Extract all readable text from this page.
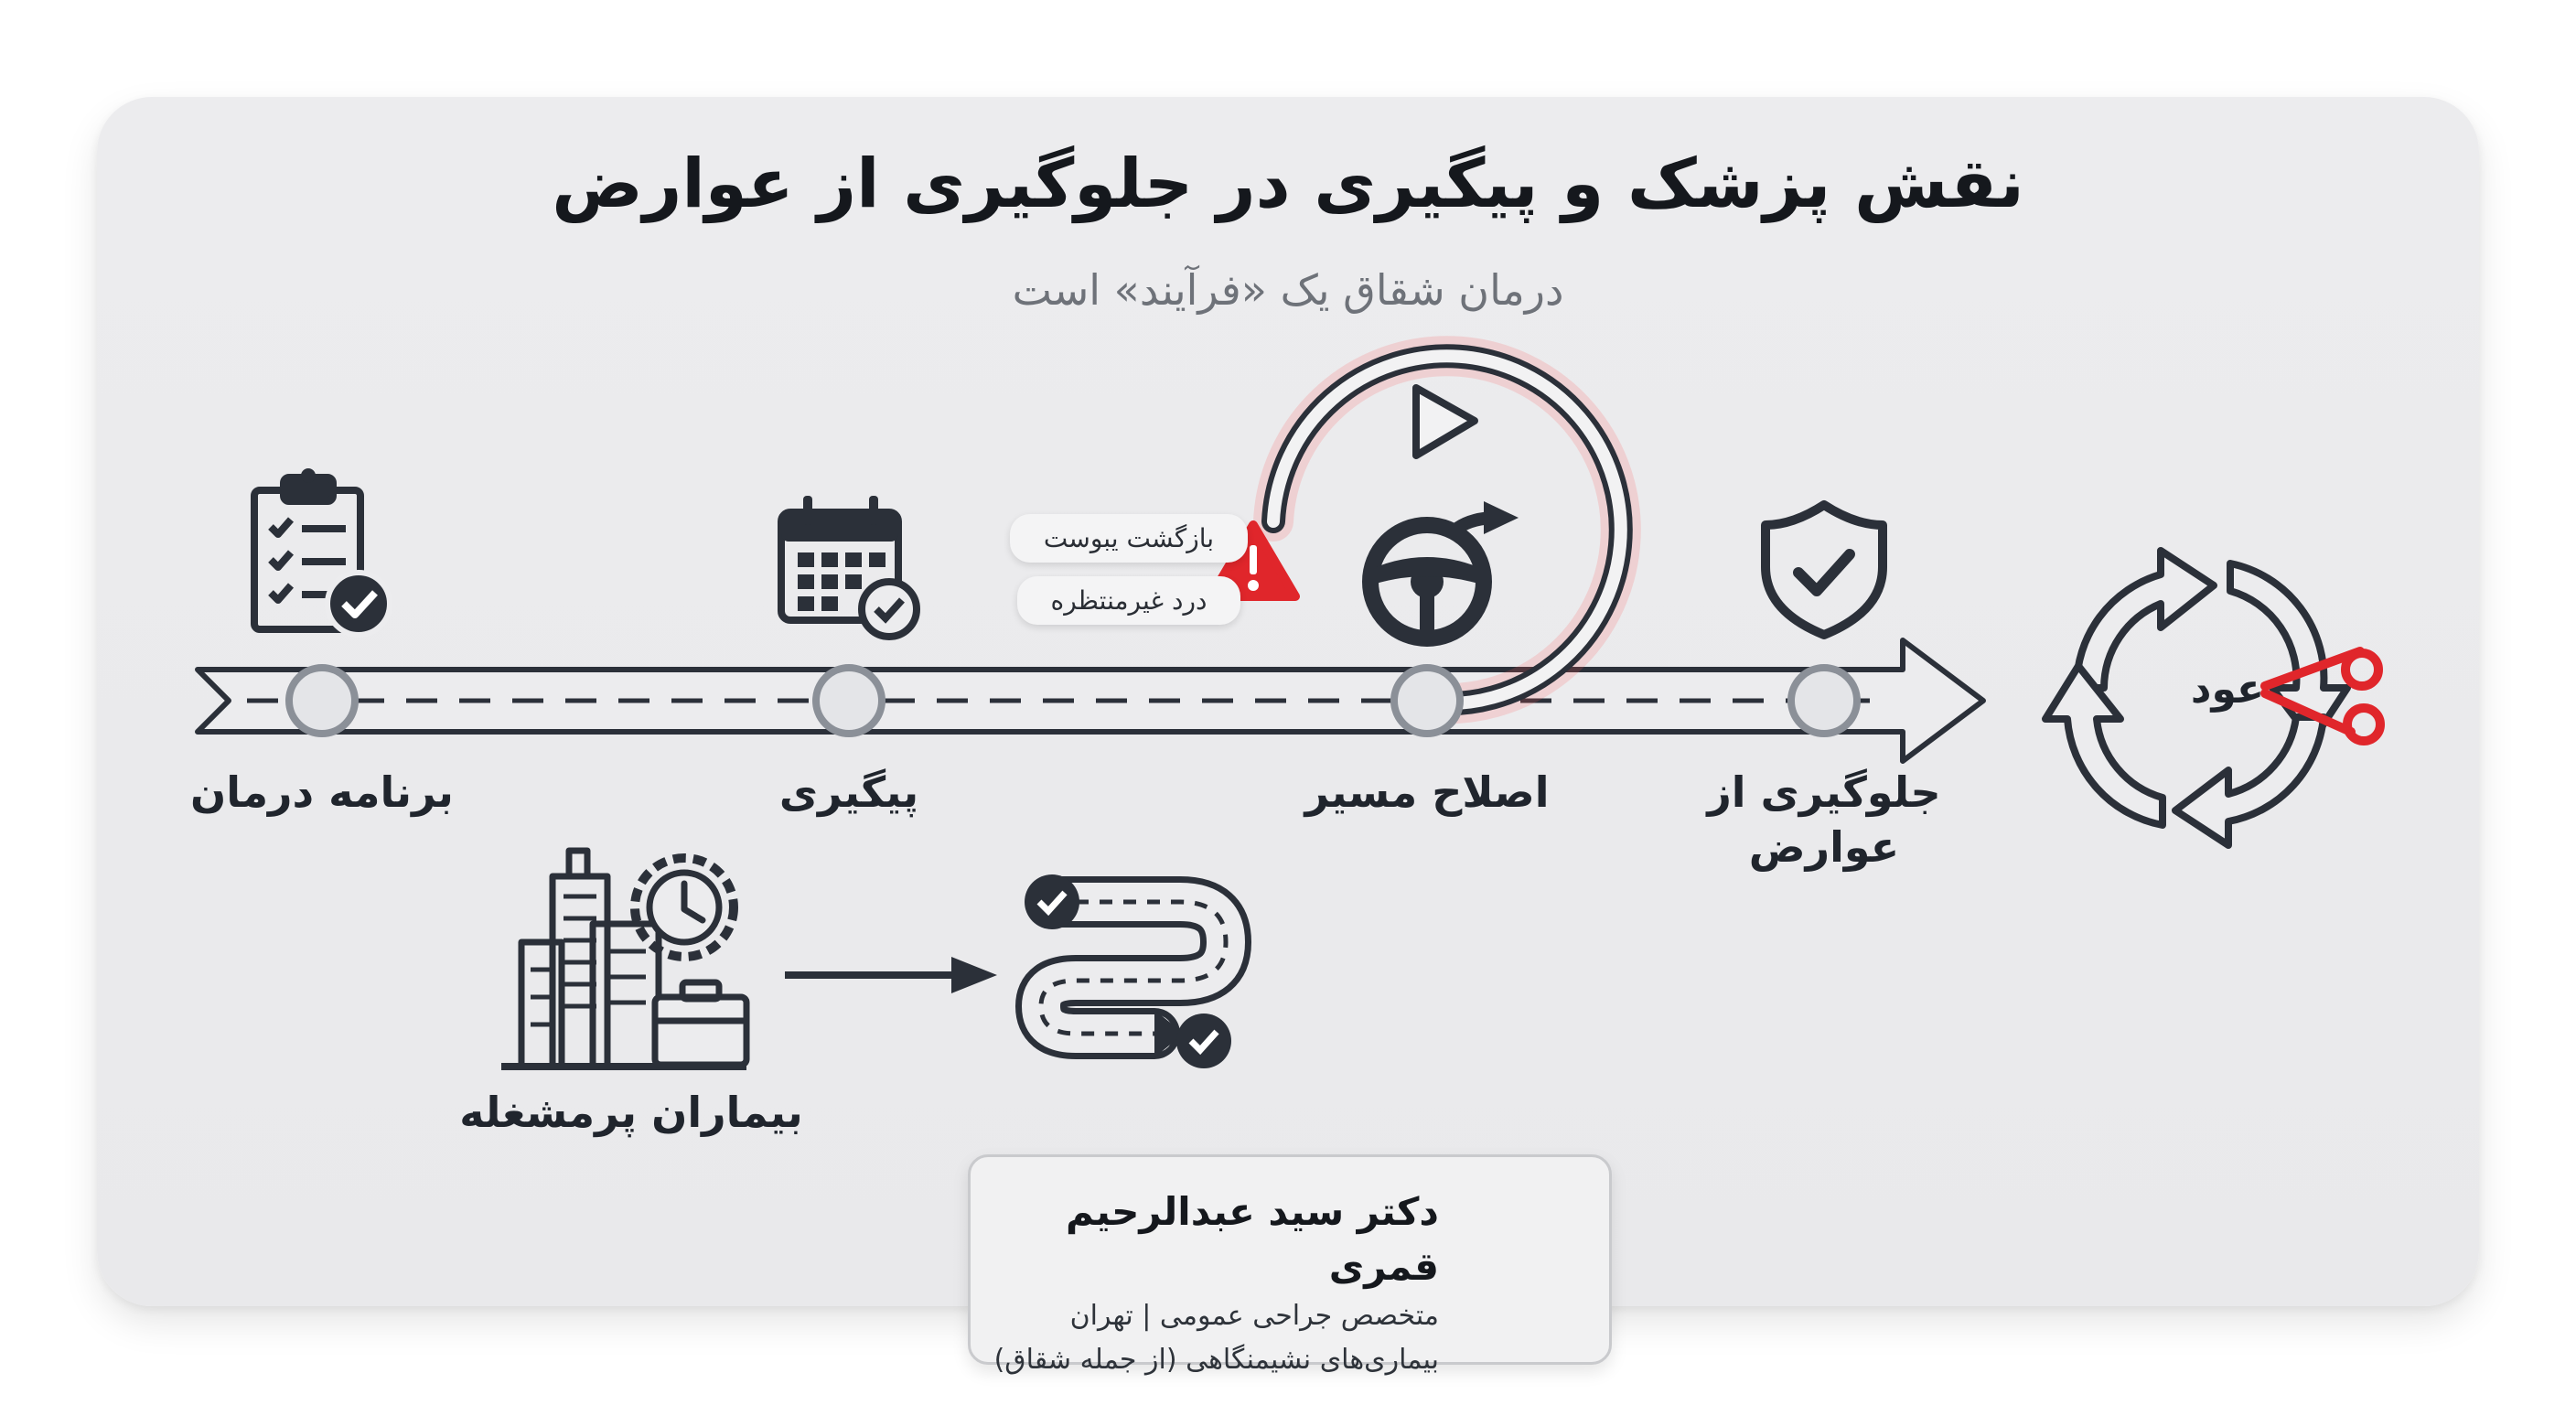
نقش پزشک و پیگیری در جلوگیری از عوارض
درمان شقاق یک «فرآیند» است
برنامه درمان	پیگیری	اصلاح مسیر	جلوگیری از عوارض
بازگشت یبوست
درد غیرمنتظره
عود
بیماران پرمشغله
دکتر سید عبدالرحیم قمری
متخصص جراحی عمومی | تهران
بیماری‌های نشیمنگاهی (از جمله شقاق)
